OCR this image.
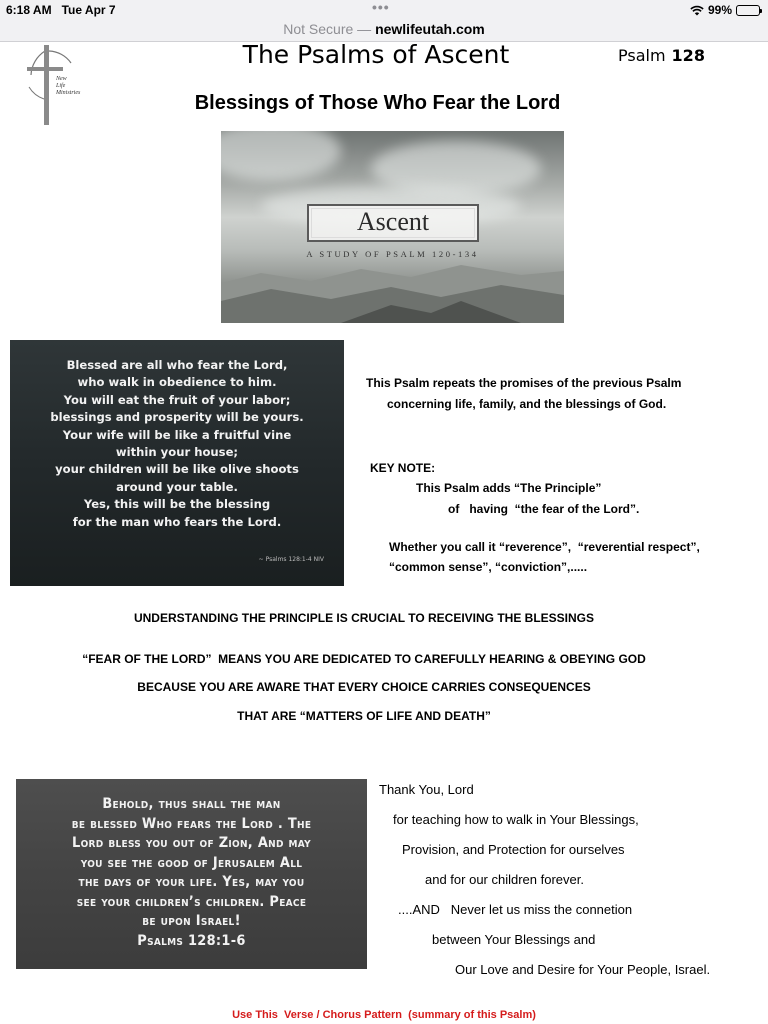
6:18 AM Tue Apr 7	•••	99%
Not Secure — newlifeutah.com
New
Life
Ministries
The Psalms of Ascent	Psalm 128
Blessings of Those Who Fear the Lord
Ascent
A STUDY OF PSALM 120-134
Blessed are all who fear the Lord,
who walk in obedience to him.
You will eat the fruit of your labor;
blessings and prosperity will be yours.
Your wife will be like a fruitful vine
within your house;
your children will be like olive shoots
around your table.
Yes, this will be the blessing
for the man who fears the Lord.
~ Psalms 128:1-4 NIV
This Psalm repeats the promises of the previous Psalm
concerning life, family, and the blessings of God.
KEY NOTE:
This Psalm adds “The Principle”
of   having  “the fear of the Lord”.
Whether you call it “reverence”,  “reverential respect”,
“common sense”, “conviction”,.....
UNDERSTANDING THE PRINCIPLE IS CRUCIAL TO RECEIVING THE BLESSINGS
“FEAR OF THE LORD”  MEANS YOU ARE DEDICATED TO CAREFULLY HEARING & OBEYING GOD
BECAUSE YOU ARE AWARE THAT EVERY CHOICE CARRIES CONSEQUENCES
THAT ARE “MATTERS OF LIFE AND DEATH”
Behold, thus shall the man
be blessed Who fears the Lord . The
Lord bless you out of Zion, And may
you see the good of Jerusalem All
the days of your life. Yes, may you
see your children’s children. Peace
be upon Israel!
Psalms 128:1-6
Thank You, Lord
for teaching how to walk in Your Blessings,
Provision, and Protection for ourselves
and for our children forever.
....AND   Never let us miss the connetion
between Your Blessings and
Our Love and Desire for Your People, Israel.
Use This  Verse / Chorus Pattern  (summary of this Psalm)
